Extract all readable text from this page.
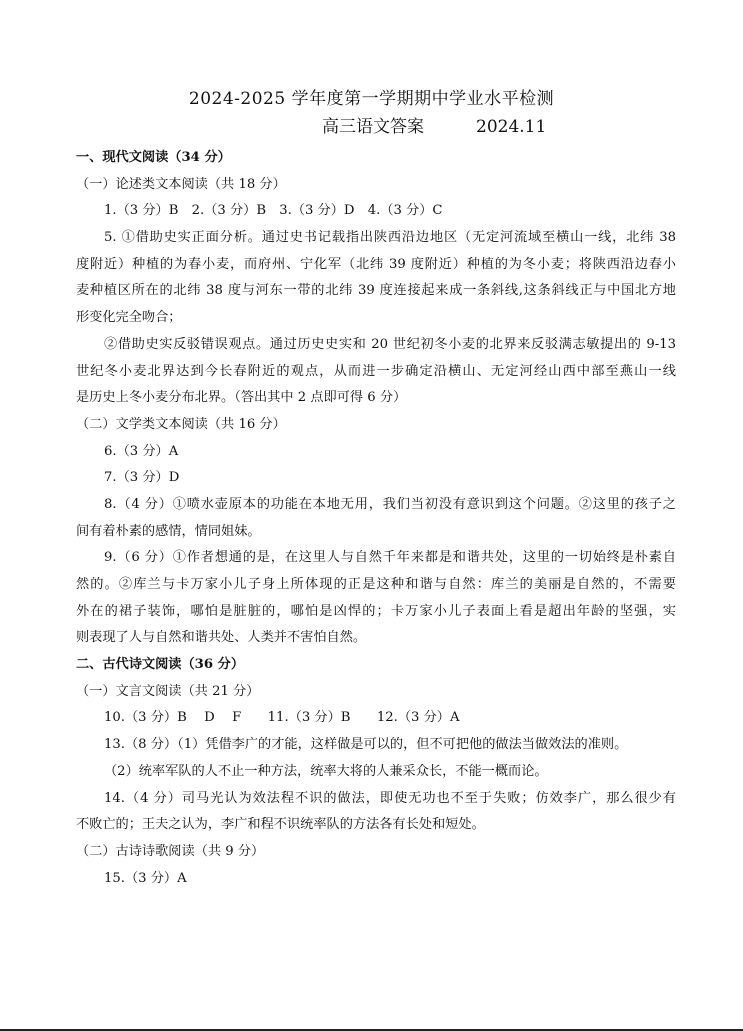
2024-2025 学年度第一学期期中学业水平检测
高三语文答案	2024.11

一、现代文阅读（34 分）

（一）论述类文本阅读（共 18 分）

1.（3 分）B　2.（3 分）B　3.（3 分）D　4.（3 分）C

5. ①借助史实正面分析。通过史书记载指出陕西沿边地区（无定河流域至横山一线，北纬 38

度附近）种植的为春小麦，而府州、宁化军（北纬 39 度附近）种植的为冬小麦；将陕西沿边春小

麦种植区所在的北纬 38 度与河东一带的北纬 39 度连接起来成一条斜线,这条斜线正与中国北方地

形变化完全吻合；

②借助史实反驳错误观点。通过历史史实和 20 世纪初冬小麦的北界来反驳满志敏提出的 9-13

世纪冬小麦北界达到今长春附近的观点，从而进一步确定沿横山、无定河经山西中部至燕山一线

是历史上冬小麦分布北界。（答出其中 2 点即可得 6 分）

（二）文学类文本阅读（共 16 分）

6.（3 分）A

7.（3 分）D

8.（4 分）①喷水壶原本的功能在本地无用，我们当初没有意识到这个问题。②这里的孩子之

间有着朴素的感情，情同姐妹。

9.（6 分）①作者想通的是，在这里人与自然千年来都是和谐共处，这里的一切始终是朴素自

然的。②库兰与卡万家小儿子身上所体现的正是这种和谐与自然：库兰的美丽是自然的，不需要

外在的裙子装饰，哪怕是脏脏的，哪怕是凶悍的；卡万家小儿子表面上看是超出年龄的坚强，实

则表现了人与自然和谐共处、人类并不害怕自然。

二、古代诗文阅读（36 分）

（一）文言文阅读（共 21 分）

10.（3 分）B　 D　 F　　11.（3 分）B　　12.（3 分）A

13.（8 分）（1）凭借李广的才能，这样做是可以的，但不可把他的做法当做效法的准则。

（2）统率军队的人不止一种方法，统率大将的人兼采众长，不能一概而论。

14.（4 分）司马光认为效法程不识的做法，即使无功也不至于失败；仿效李广，那么很少有

不败亡的；王夫之认为，李广和程不识统率队的方法各有长处和短处。

（二）古诗诗歌阅读（共 9 分）

15.（3 分）A
